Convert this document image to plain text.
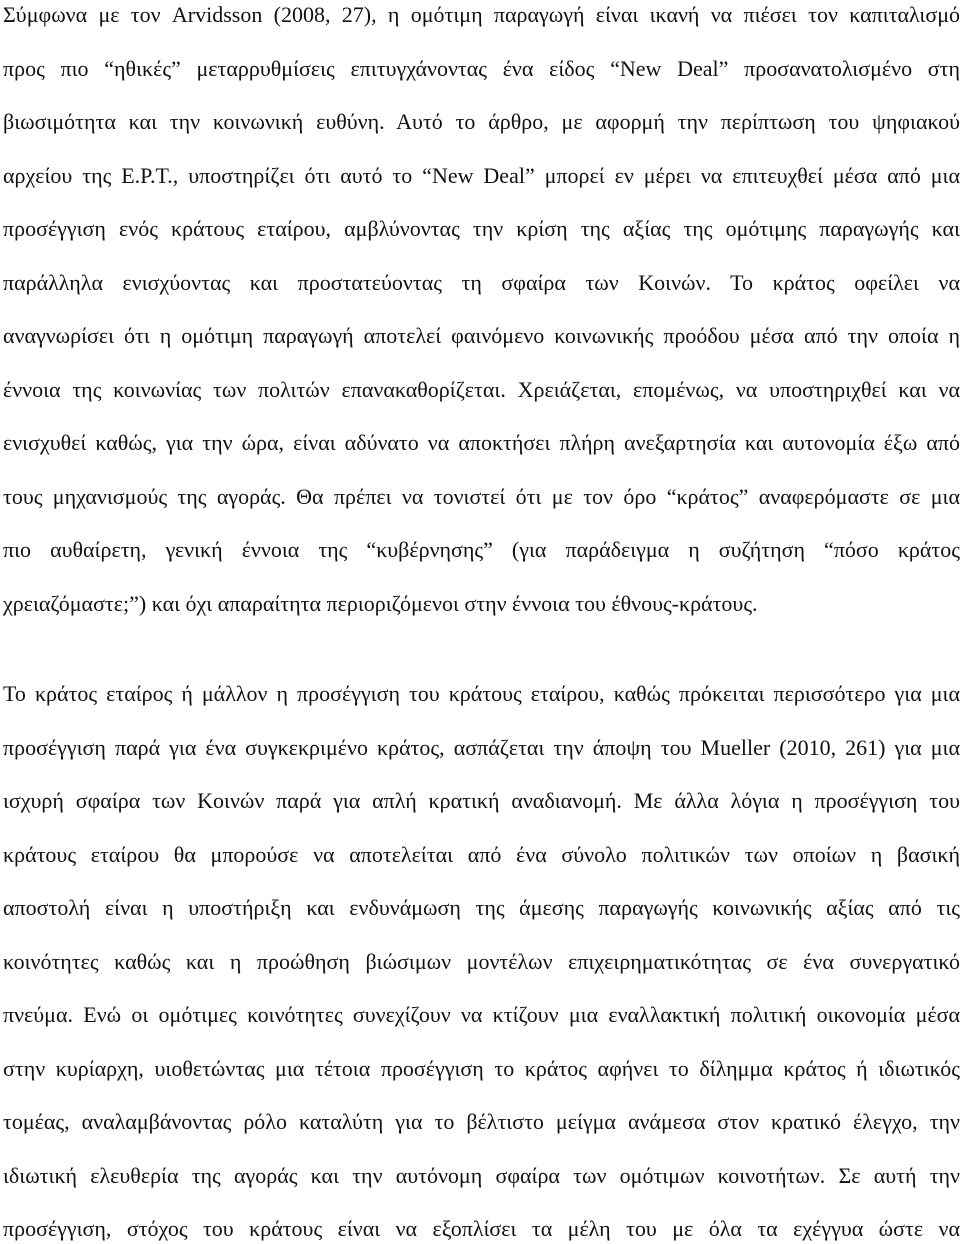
Σύμφωνα με τον Arvidsson (2008, 27), η ομότιμη παραγωγή είναι ικανή να πιέσει τον καπιταλισμό
προς πιο “ηθικές” μεταρρυθμίσεις επιτυγχάνοντας ένα είδος “New Deal” προσανατολισμένο στη
βιωσιμότητα και την κοινωνική ευθύνη. Αυτό το άρθρο, με αφορμή την περίπτωση του ψηφιακού
αρχείου της Ε.Ρ.Τ., υποστηρίζει ότι αυτό το “New Deal” μπορεί εν μέρει να επιτευχθεί μέσα από μια
προσέγγιση ενός κράτους εταίρου, αμβλύνοντας την κρίση της αξίας της ομότιμης παραγωγής και
παράλληλα ενισχύοντας και προστατεύοντας τη σφαίρα των Κοινών. Το κράτος οφείλει να
αναγνωρίσει ότι η ομότιμη παραγωγή αποτελεί φαινόμενο κοινωνικής προόδου μέσα από την οποία η
έννοια της κοινωνίας των πολιτών επανακαθορίζεται. Χρειάζεται, επομένως, να υποστηριχθεί και να
ενισχυθεί καθώς, για την ώρα, είναι αδύνατο να αποκτήσει πλήρη ανεξαρτησία και αυτονομία έξω από
τους μηχανισμούς της αγοράς. Θα πρέπει να τονιστεί ότι με τον όρο “κράτος” αναφερόμαστε σε μια
πιο αυθαίρετη, γενική έννοια της “κυβέρνησης” (για παράδειγμα η συζήτηση “πόσο κράτος
χρειαζόμαστε;”) και όχι απαραίτητα περιοριζόμενοι στην έννοια του έθνους-κράτους.
Το κράτος εταίρος ή μάλλον η προσέγγιση του κράτους εταίρου, καθώς πρόκειται περισσότερο για μια
προσέγγιση παρά για ένα συγκεκριμένο κράτος, ασπάζεται την άποψη του Mueller (2010, 261) για μια
ισχυρή σφαίρα των Κοινών παρά για απλή κρατική αναδιανομή. Με άλλα λόγια η προσέγγιση του
κράτους εταίρου θα μπορούσε να αποτελείται από ένα σύνολο πολιτικών των οποίων η βασική
αποστολή είναι η υποστήριξη και ενδυνάμωση της άμεσης παραγωγής κοινωνικής αξίας από τις
κοινότητες καθώς και η προώθηση βιώσιμων μοντέλων επιχειρηματικότητας σε ένα συνεργατικό
πνεύμα. Ενώ οι ομότιμες κοινότητες συνεχίζουν να κτίζουν μια εναλλακτική πολιτική οικονομία μέσα
στην κυρίαρχη, υιοθετώντας μια τέτοια προσέγγιση το κράτος αφήνει το δίλημμα κράτος ή ιδιωτικός
τομέας, αναλαμβάνοντας ρόλο καταλύτη για το βέλτιστο μείγμα ανάμεσα στον κρατικό έλεγχο, την
ιδιωτική ελευθερία της αγοράς και την αυτόνομη σφαίρα των ομότιμων κοινοτήτων. Σε αυτή την
προσέγγιση, στόχος του κράτους είναι να εξοπλίσει τα μέλη του με όλα τα εχέγγυα ώστε να
